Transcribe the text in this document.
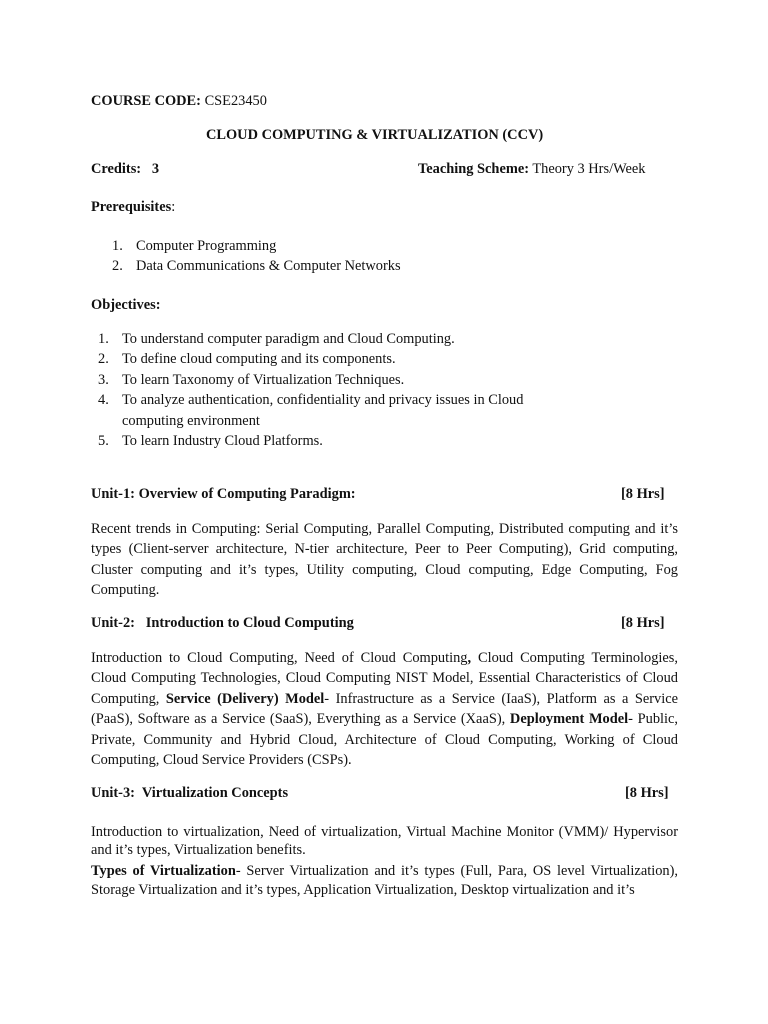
COURSE CODE: CSE23450
CLOUD COMPUTING & VIRTUALIZATION (CCV)
Credits: 3	Teaching Scheme: Theory 3 Hrs/Week
Prerequisites:
1. Computer Programming
2. Data Communications & Computer Networks
Objectives:
1. To understand computer paradigm and Cloud Computing.
2. To define cloud computing and its components.
3. To learn Taxonomy of Virtualization Techniques.
4. To analyze authentication, confidentiality and privacy issues in Cloud
computing environment
5. To learn Industry Cloud Platforms.
Unit-1: Overview of Computing Paradigm:	[8 Hrs]
Recent trends in Computing: Serial Computing, Parallel Computing, Distributed computing and it’s types (Client-server architecture, N-tier architecture, Peer to Peer Computing), Grid computing, Cluster computing and it’s types, Utility computing, Cloud computing, Edge Computing, Fog Computing.
Unit-2:   Introduction to Cloud Computing	[8 Hrs]
Introduction to Cloud Computing, Need of Cloud Computing, Cloud Computing Terminologies, Cloud Computing Technologies, Cloud Computing NIST Model, Essential Characteristics of Cloud Computing, Service (Delivery) Model- Infrastructure as a Service (IaaS), Platform as a Service (PaaS), Software as a Service (SaaS), Everything as a Service (XaaS), Deployment Model- Public, Private, Community and Hybrid Cloud, Architecture of Cloud Computing, Working of Cloud Computing, Cloud Service Providers (CSPs).
Unit-3:  Virtualization Concepts	[8 Hrs]
Introduction to virtualization, Need of virtualization, Virtual Machine Monitor (VMM)/ Hypervisor and it’s types, Virtualization benefits.
Types of Virtualization- Server Virtualization and it’s types (Full, Para, OS level Virtualization), Storage Virtualization and it’s types, Application Virtualization, Desktop virtualization and it’s
